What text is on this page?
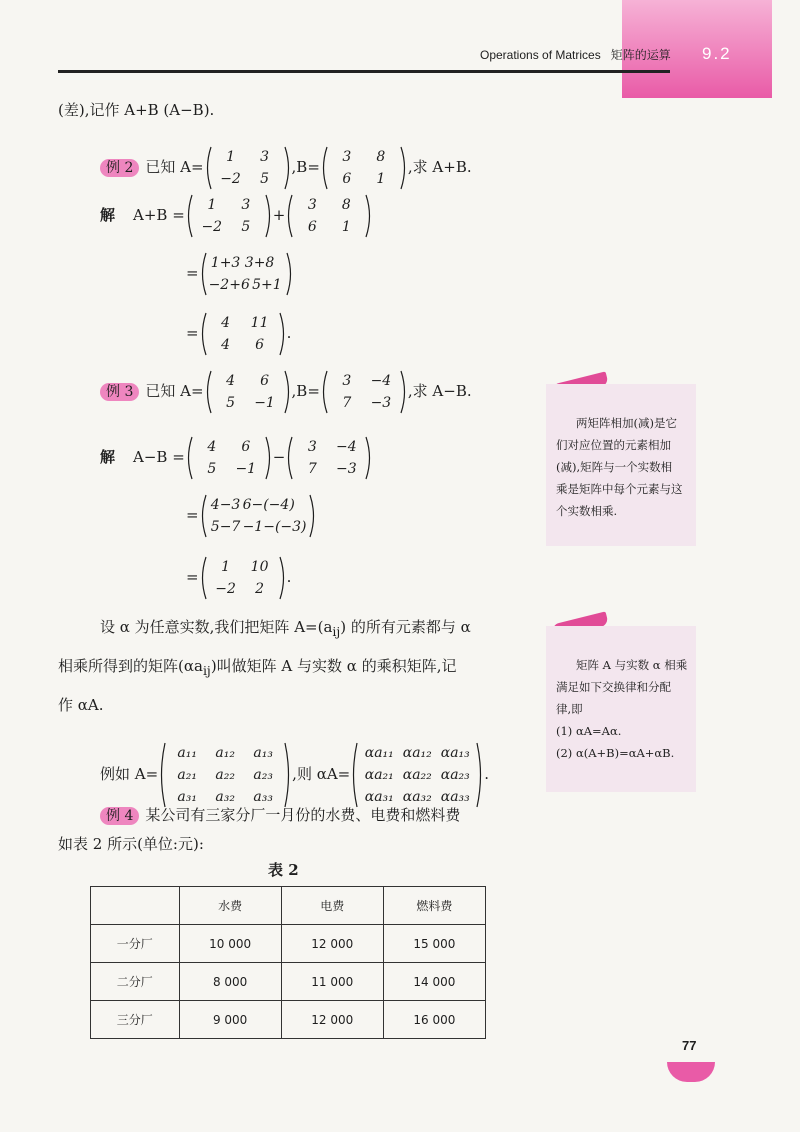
9.2
Operations of Matrices 矩阵的运算
(差),记作 A+B (A−B).
例 2 已知 A=
1 3
−2 5
,B=
3 8
6 1
,求 A+B.
解 A+B =
1 3
−2 5
+
3 8
6 1
=
1+3 3+8
−2+6 5+1
=
4 11
4 6
.
例 3 已知 A=
4 6
5 −1
,B=
3 −4
7 −3
,求 A−B.
解 A−B =
4 6
5 −1
−
3 −4
7 −3
=
4−3 6−(−4)
5−7 −1−(−3)
=
1 10
−2 2
.
设 α 为任意实数,我们把矩阵 $A=(a_{ij})$ 的所有元素都与 α
相乘所得到的矩阵$(\alpha a_{ij})$叫做矩阵 A 与实数 α 的乘积矩阵,记
作 αA.
例如 A=
a₁₁ a₁₂ a₁₃
a₂₁ a₂₂ a₂₃
a₃₁ a₃₂ a₃₃
,则 αA=
αa₁₁ αa₁₂ αa₁₃
αa₂₁ αa₂₂ αa₂₃
αa₃₁ αa₃₂ αa₃₃
.
例 4 某公司有三家分厂一月份的水费、电费和燃料费
如表 2 所示(单位:元):
表 2
	水费	电费	燃料费
一分厂	10 000	12 000	15 000
二分厂	8 000	11 000	14 000
三分厂	9 000	12 000	16 000
两矩阵相加(减)是它
们对应位置的元素相加
(减),矩阵与一个实数相
乘是矩阵中每个元素与这
个实数相乘.
矩阵 A 与实数 α 相乘
满足如下交换律和分配
律,即
(1) αA=Aα.
(2) α(A+B)=αA+αB.
77
